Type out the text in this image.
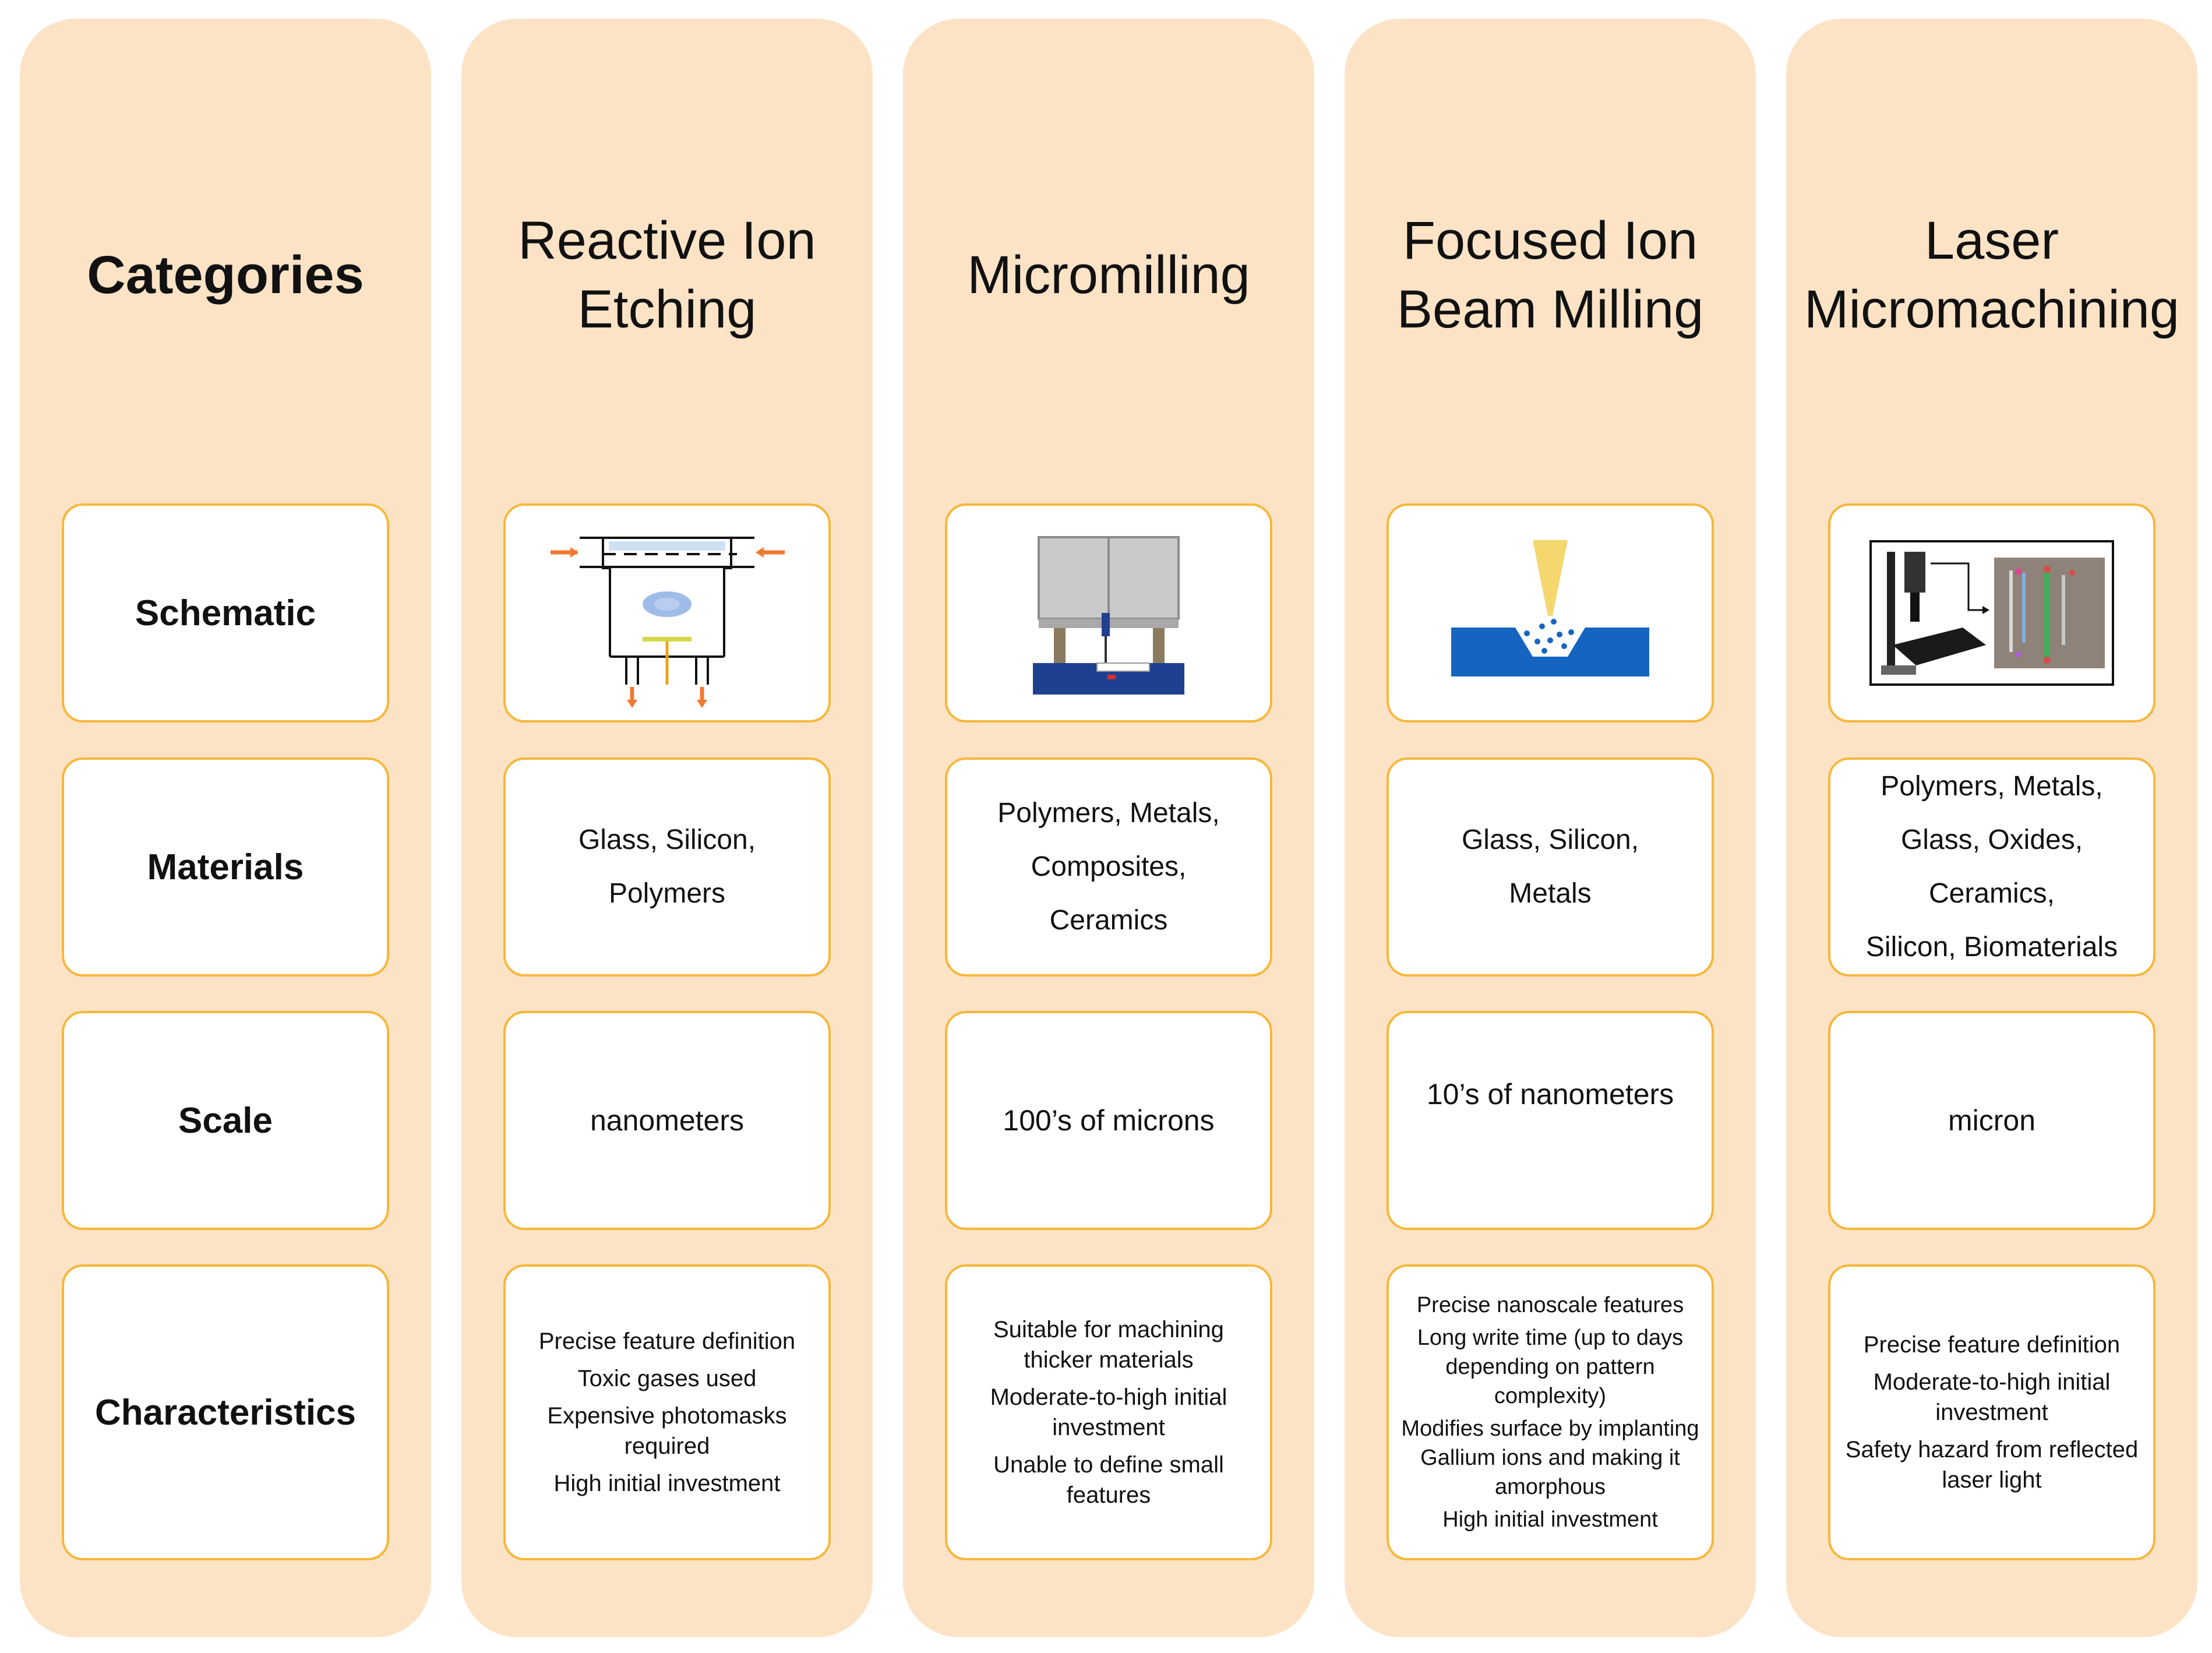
Categories
Schematic
Materials
Scale
Characteristics
Reactive Ion
Etching
Glass, Silicon,
Polymers
nanometers
Precise feature definition
Toxic gases used
Expensive photomasks required
High initial investment
Micromilling
Polymers, Metals,
Composites,
Ceramics
100’s of microns
Suitable for machining thicker materials
Moderate-to-high initial investment
Unable to define small features
Focused Ion
Beam Milling
Glass, Silicon,
Metals
10’s of nanometers
Precise nanoscale features
Long write time (up to days depending on pattern complexity)
Modifies surface by implanting Gallium ions and making it amorphous
High initial investment
Laser
Micromachining
Polymers, Metals,
Glass, Oxides, Ceramics,
Silicon, Biomaterials
micron
Precise feature definition
Moderate-to-high initial investment
Safety hazard from reflected laser light
